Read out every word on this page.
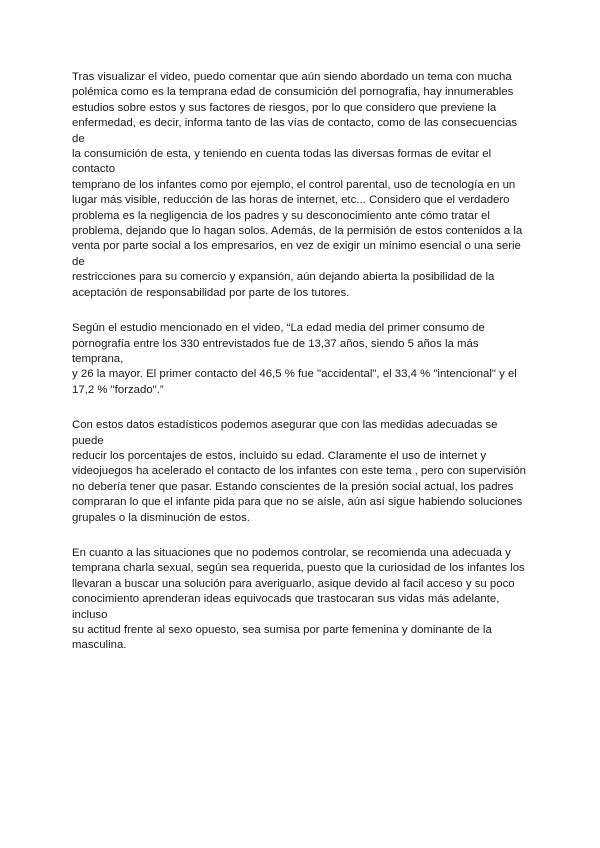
Tras visualizar el video, puedo comentar que aún siendo abordado un tema con mucha
polémica como es la temprana edad de consumición del pornografia, hay innumerables
estudios sobre estos y sus factores de riesgos, por lo que considero que previene la
enfermedad, es decir, informa tanto de las vías de contacto, como de las consecuencias de
la consumición de esta, y teniendo en cuenta todas las diversas formas de evitar el contacto
temprano de los infantes como por ejemplo, el control parental, uso de tecnología en un
lugar más visible, reducción de las horas de internet, etc... Considero que el verdadero
problema es la negligencia de los padres y su desconocimiento ante cómo tratar el
problema, dejando que lo hagan solos. Además, de la permisión de estos contenidos a la
venta por parte social a los empresarios, en vez de exigir un mínimo esencial o una serie de
restricciones para su comercio y expansión, aún dejando abierta la posibilidad de la
aceptación de responsabilidad por parte de los tutores.

Según el estudio mencionado en el video, “La edad media del primer consumo de
pornografía entre los 330 entrevistados fue de 13,37 años, siendo 5 años la más temprana,
y 26 la mayor. El primer contacto del 46,5 % fue "accidental", el 33,4 % "intencional" y el
17,2 % "forzado".”

Con estos datos estadísticos podemos asegurar que con las medidas adecuadas se puede
reducir los porcentajes de estos, incluido su edad. Claramente el uso de internet y
videojuegos ha acelerado el contacto de los infantes con este tema , pero con supervisión
no debería tener que pasar. Estando conscientes de la presión social actual, los padres
compraran lo que el infante pida para que no se aísle, aún así sigue habiendo soluciones
grupales o la disminución de estos.

En cuanto a las situaciones que no podemos controlar, se recomienda una adecuada y
temprana charla sexual, según sea requerida, puesto que la curiosidad de los infantes los
llevaran a buscar una solución para averiguarlo, asique devido al facil acceso y su poco
conocimiento aprenderan ideas equivocads que trastocaran sus vidas más adelante, incluso
su actitud frente al sexo opuesto, sea sumisa por parte femenina y dominante de la
masculina.
